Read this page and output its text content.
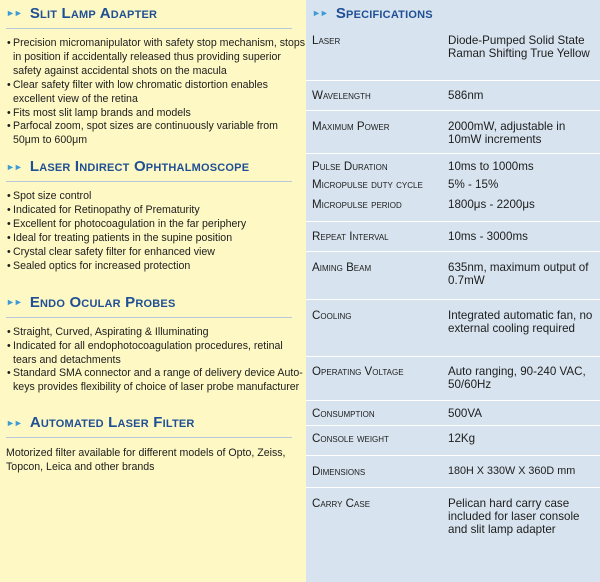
►► Slit Lamp Adapter
• Precision micromanipulator with safety stop mechanism, stops in position if accidentally released thus providing superior safety against accidental shots on the macula
• Clear safety filter with low chromatic distortion enables excellent view of the retina
• Fits most slit lamp brands and models
• Parfocal zoom, spot sizes are continuously variable from 50μm to 600μm
►► Laser Indirect Ophthalmoscope
• Spot size control
• Indicated for Retinopathy of Prematurity
• Excellent for photocoagulation in the far periphery
• Ideal for treating patients in the supine position
• Crystal clear safety filter for enhanced view
• Sealed optics for increased protection
►► Endo Ocular Probes
• Straight, Curved, Aspirating & Illuminating
• Indicated for all endophotocoagulation procedures, retinal tears and detachments
• Standard SMA connector and a range of delivery device Auto-keys provides flexibility of choice of laser probe manufacturer
►► Automated Laser Filter

Motorized filter available for different models of Opto, Zeiss, Topcon, Leica and other brands

►► Specifications
Laser	Diode-Pumped Solid State Raman Shifting True Yellow
Wavelength	586nm
Maximum Power	2000mW, adjustable in 10mW increments
Pulse Duration	10ms to 1000ms
Micropulse duty cycle	5% - 15%
Micropulse period	1800μs - 2200μs
Repeat Interval	10ms - 3000ms
Aiming Beam	635nm, maximum output of 0.7mW
Cooling	Integrated automatic fan, no external cooling required
Operating Voltage	Auto ranging, 90-240 VAC, 50/60Hz
Consumption	500VA
Console weight	12Kg
Dimensions	180H X 330W X 360D mm
Carry Case	Pelican hard carry case included for laser console and slit lamp adapter
